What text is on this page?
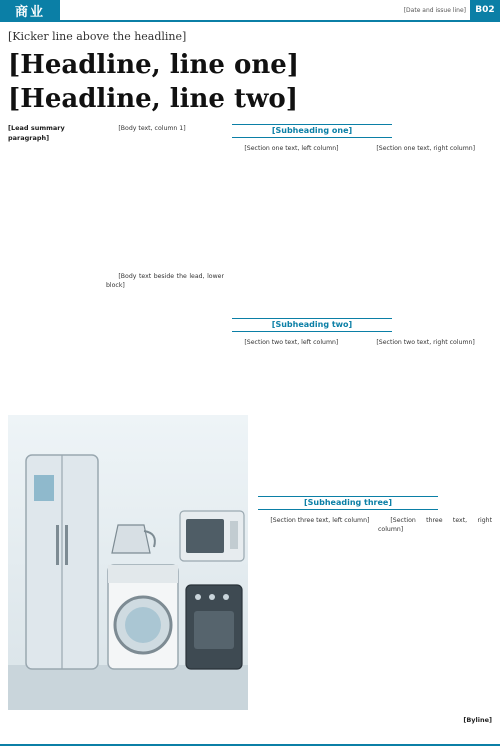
商业	[Date and issue line]	B02
[Kicker line above the headline]
[Headline, line one]
[Headline, line two]
[Lead summary paragraph]

[Body text, column 1]

[Body text beside the lead, lower block]

[Subheading one]

[Section one text, left column]	[Section one text, right column]

[Subheading two]

[Section two text, left column]	[Section two text, right column]

[Subheading three]

[Section three text, left column]	[Section three text, right column]

[Byline]
